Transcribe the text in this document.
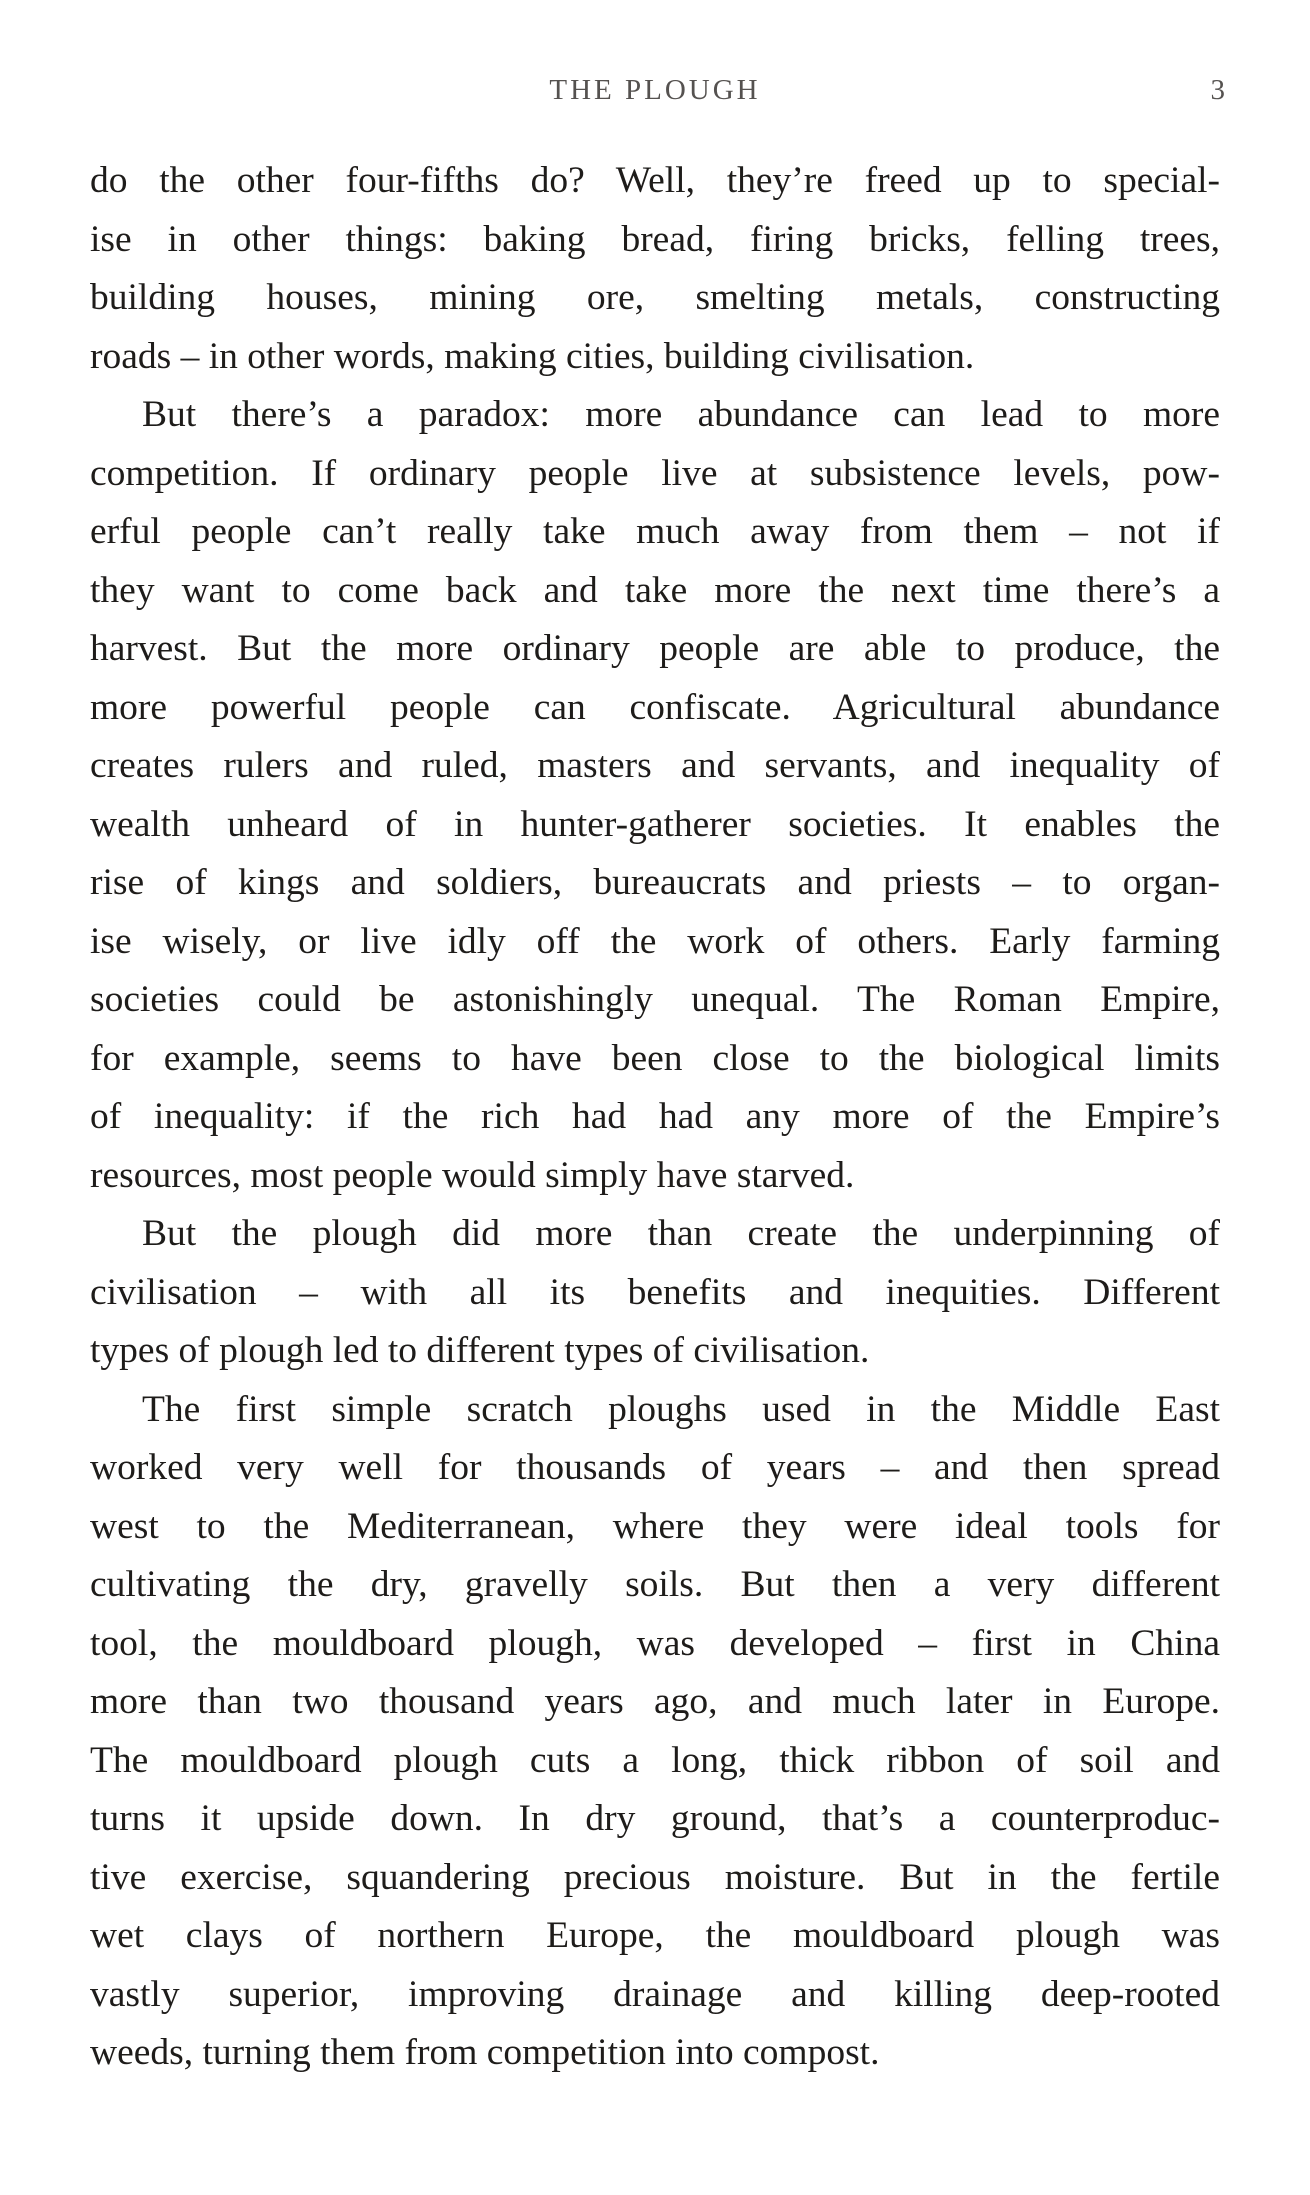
THE PLOUGH	3
do the other four-fifths do? Well, they’re freed up to special-
ise in other things: baking bread, firing bricks, felling trees,
building houses, mining ore, smelting metals, constructing
roads – in other words, making cities, building civilisation.
But there’s a paradox: more abundance can lead to more
competition. If ordinary people live at subsistence levels, pow-
erful people can’t really take much away from them – not if
they want to come back and take more the next time there’s a
harvest. But the more ordinary people are able to produce, the
more powerful people can confiscate. Agricultural abundance
creates rulers and ruled, masters and servants, and inequality of
wealth unheard of in hunter-gatherer societies. It enables the
rise of kings and soldiers, bureaucrats and priests – to organ-
ise wisely, or live idly off the work of others. Early farming
societies could be astonishingly unequal. The Roman Empire,
for example, seems to have been close to the biological limits
of inequality: if the rich had had any more of the Empire’s
resources, most people would simply have starved.
But the plough did more than create the underpinning of
civilisation – with all its benefits and inequities. Different
types of plough led to different types of civilisation.
The first simple scratch ploughs used in the Middle East
worked very well for thousands of years – and then spread
west to the Mediterranean, where they were ideal tools for
cultivating the dry, gravelly soils. But then a very different
tool, the mouldboard plough, was developed – first in China
more than two thousand years ago, and much later in Europe.
The mouldboard plough cuts a long, thick ribbon of soil and
turns it upside down. In dry ground, that’s a counterproduc-
tive exercise, squandering precious moisture. But in the fertile
wet clays of northern Europe, the mouldboard plough was
vastly superior, improving drainage and killing deep-rooted
weeds, turning them from competition into compost.
